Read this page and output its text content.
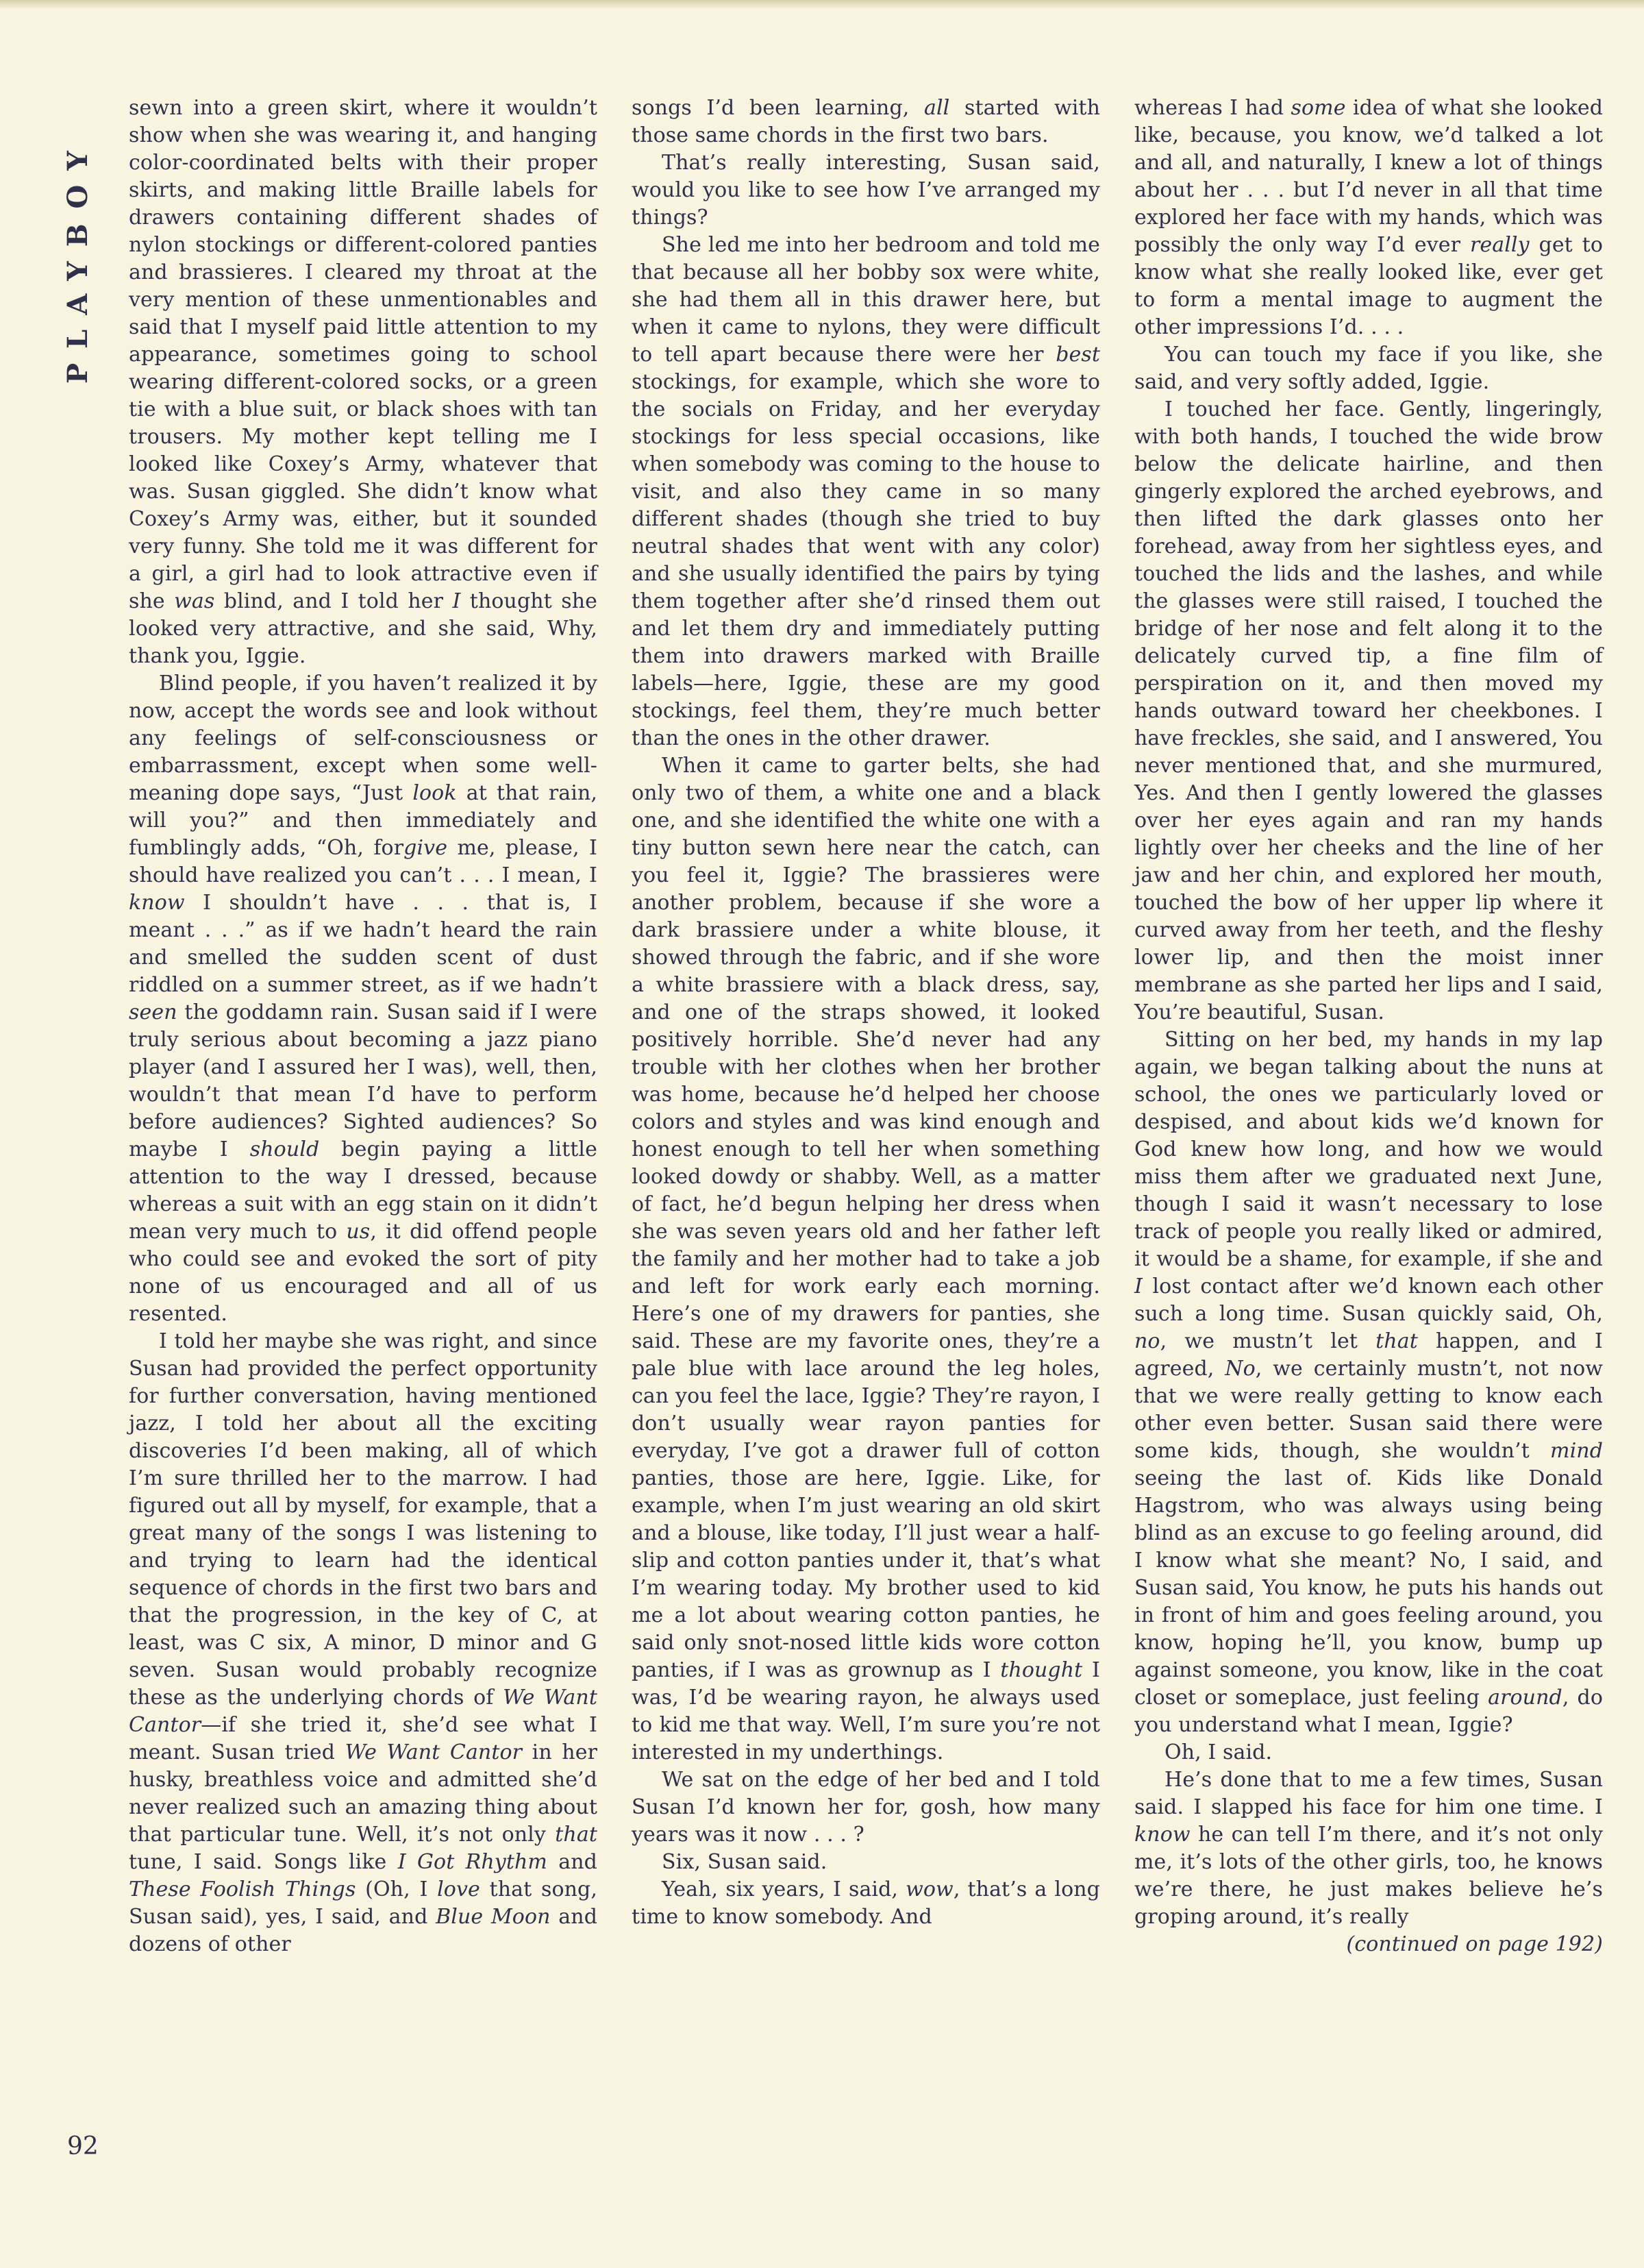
PLAYBOY

sewn into a green skirt, where it wouldn’t show when she was wearing it, and hanging color-coordinated belts with their proper skirts, and making little Braille labels for drawers containing different shades of nylon stockings or different-colored panties and brassieres. I cleared my throat at the very mention of these unmentionables and said that I myself paid little attention to my appearance, sometimes going to school wearing different-colored socks, or a green tie with a blue suit, or black shoes with tan trousers. My mother kept telling me I looked like Coxey’s Army, whatever that was. Susan giggled. She didn’t know what Coxey’s Army was, either, but it sounded very funny. She told me it was different for a girl, a girl had to look attractive even if she was blind, and I told her I thought she looked very attractive, and she said, Why, thank you, Iggie.

Blind people, if you haven’t realized it by now, accept the words see and look without any feelings of self-consciousness or embarrassment, except when some well-meaning dope says, “Just look at that rain, will you?” and then immediately and fumblingly adds, “Oh, forgive me, please, I should have realized you can’t . . . I mean, I know I shouldn’t have . . . that is, I meant . . .” as if we hadn’t heard the rain and smelled the sudden scent of dust riddled on a summer street, as if we hadn’t seen the goddamn rain. Susan said if I were truly serious about becoming a jazz piano player (and I assured her I was), well, then, wouldn’t that mean I’d have to perform before audiences? Sighted audiences? So maybe I should begin paying a little attention to the way I dressed, because whereas a suit with an egg stain on it didn’t mean very much to us, it did offend people who could see and evoked the sort of pity none of us encouraged and all of us resented.

I told her maybe she was right, and since Susan had provided the perfect opportunity for further conversation, having mentioned jazz, I told her about all the exciting discoveries I’d been making, all of which I’m sure thrilled her to the marrow. I had figured out all by myself, for example, that a great many of the songs I was listening to and trying to learn had the identical sequence of chords in the first two bars and that the progression, in the key of C, at least, was C six, A minor, D minor and G seven. Susan would probably recognize these as the underlying chords of We Want Cantor—if she tried it, she’d see what I meant. Susan tried We Want Cantor in her husky, breathless voice and admitted she’d never realized such an amazing thing about that particular tune. Well, it’s not only that tune, I said. Songs like I Got Rhythm and These Foolish Things (Oh, I love that song, Susan said), yes, I said, and Blue Moon and dozens of other

songs I’d been learning, all started with those same chords in the first two bars.

That’s really interesting, Susan said, would you like to see how I’ve arranged my things?

She led me into her bedroom and told me that because all her bobby sox were white, she had them all in this drawer here, but when it came to nylons, they were difficult to tell apart because there were her best stockings, for example, which she wore to the socials on Friday, and her everyday stockings for less special occasions, like when somebody was coming to the house to visit, and also they came in so many different shades (though she tried to buy neutral shades that went with any color) and she usually identified the pairs by tying them together after she’d rinsed them out and let them dry and immediately putting them into drawers marked with Braille labels—here, Iggie, these are my good stockings, feel them, they’re much better than the ones in the other drawer.

When it came to garter belts, she had only two of them, a white one and a black one, and she identified the white one with a tiny button sewn here near the catch, can you feel it, Iggie? The brassieres were another problem, because if she wore a dark brassiere under a white blouse, it showed through the fabric, and if she wore a white brassiere with a black dress, say, and one of the straps showed, it looked positively horrible. She’d never had any trouble with her clothes when her brother was home, because he’d helped her choose colors and styles and was kind enough and honest enough to tell her when something looked dowdy or shabby. Well, as a matter of fact, he’d begun helping her dress when she was seven years old and her father left the family and her mother had to take a job and left for work early each morning. Here’s one of my drawers for panties, she said. These are my favorite ones, they’re a pale blue with lace around the leg holes, can you feel the lace, Iggie? They’re rayon, I don’t usually wear rayon panties for everyday, I’ve got a drawer full of cotton panties, those are here, Iggie. Like, for example, when I’m just wearing an old skirt and a blouse, like today, I’ll just wear a half-slip and cotton panties under it, that’s what I’m wearing today. My brother used to kid me a lot about wearing cotton panties, he said only snot-nosed little kids wore cotton panties, if I was as grownup as I thought I was, I’d be wearing rayon, he always used to kid me that way. Well, I’m sure you’re not interested in my underthings.

We sat on the edge of her bed and I told Susan I’d known her for, gosh, how many years was it now . . . ?

Six, Susan said.

Yeah, six years, I said, wow, that’s a long time to know somebody. And

whereas I had some idea of what she looked like, because, you know, we’d talked a lot and all, and naturally, I knew a lot of things about her . . . but I’d never in all that time explored her face with my hands, which was possibly the only way I’d ever really get to know what she really looked like, ever get to form a mental image to augment the other impressions I’d. . . .

You can touch my face if you like, she said, and very softly added, Iggie.

I touched her face. Gently, lingeringly, with both hands, I touched the wide brow below the delicate hairline, and then gingerly explored the arched eyebrows, and then lifted the dark glasses onto her forehead, away from her sightless eyes, and touched the lids and the lashes, and while the glasses were still raised, I touched the bridge of her nose and felt along it to the delicately curved tip, a fine film of perspiration on it, and then moved my hands outward toward her cheekbones. I have freckles, she said, and I answered, You never mentioned that, and she murmured, Yes. And then I gently lowered the glasses over her eyes again and ran my hands lightly over her cheeks and the line of her jaw and her chin, and explored her mouth, touched the bow of her upper lip where it curved away from her teeth, and the fleshy lower lip, and then the moist inner membrane as she parted her lips and I said, You’re beautiful, Susan.

Sitting on her bed, my hands in my lap again, we began talking about the nuns at school, the ones we particularly loved or despised, and about kids we’d known for God knew how long, and how we would miss them after we graduated next June, though I said it wasn’t necessary to lose track of people you really liked or admired, it would be a shame, for example, if she and I lost contact after we’d known each other such a long time. Susan quickly said, Oh, no, we mustn’t let that happen, and I agreed, No, we certainly mustn’t, not now that we were really getting to know each other even better. Susan said there were some kids, though, she wouldn’t mind seeing the last of. Kids like Donald Hagstrom, who was always using being blind as an excuse to go feeling around, did I know what she meant? No, I said, and Susan said, You know, he puts his hands out in front of him and goes feeling around, you know, hoping he’ll, you know, bump up against someone, you know, like in the coat closet or someplace, just feeling around, do you understand what I mean, Iggie?

Oh, I said.

He’s done that to me a few times, Susan said. I slapped his face for him one time. I know he can tell I’m there, and it’s not only me, it’s lots of the other girls, too, he knows we’re there, he just makes believe he’s groping around, it’s really

(continued on page 192)

92
